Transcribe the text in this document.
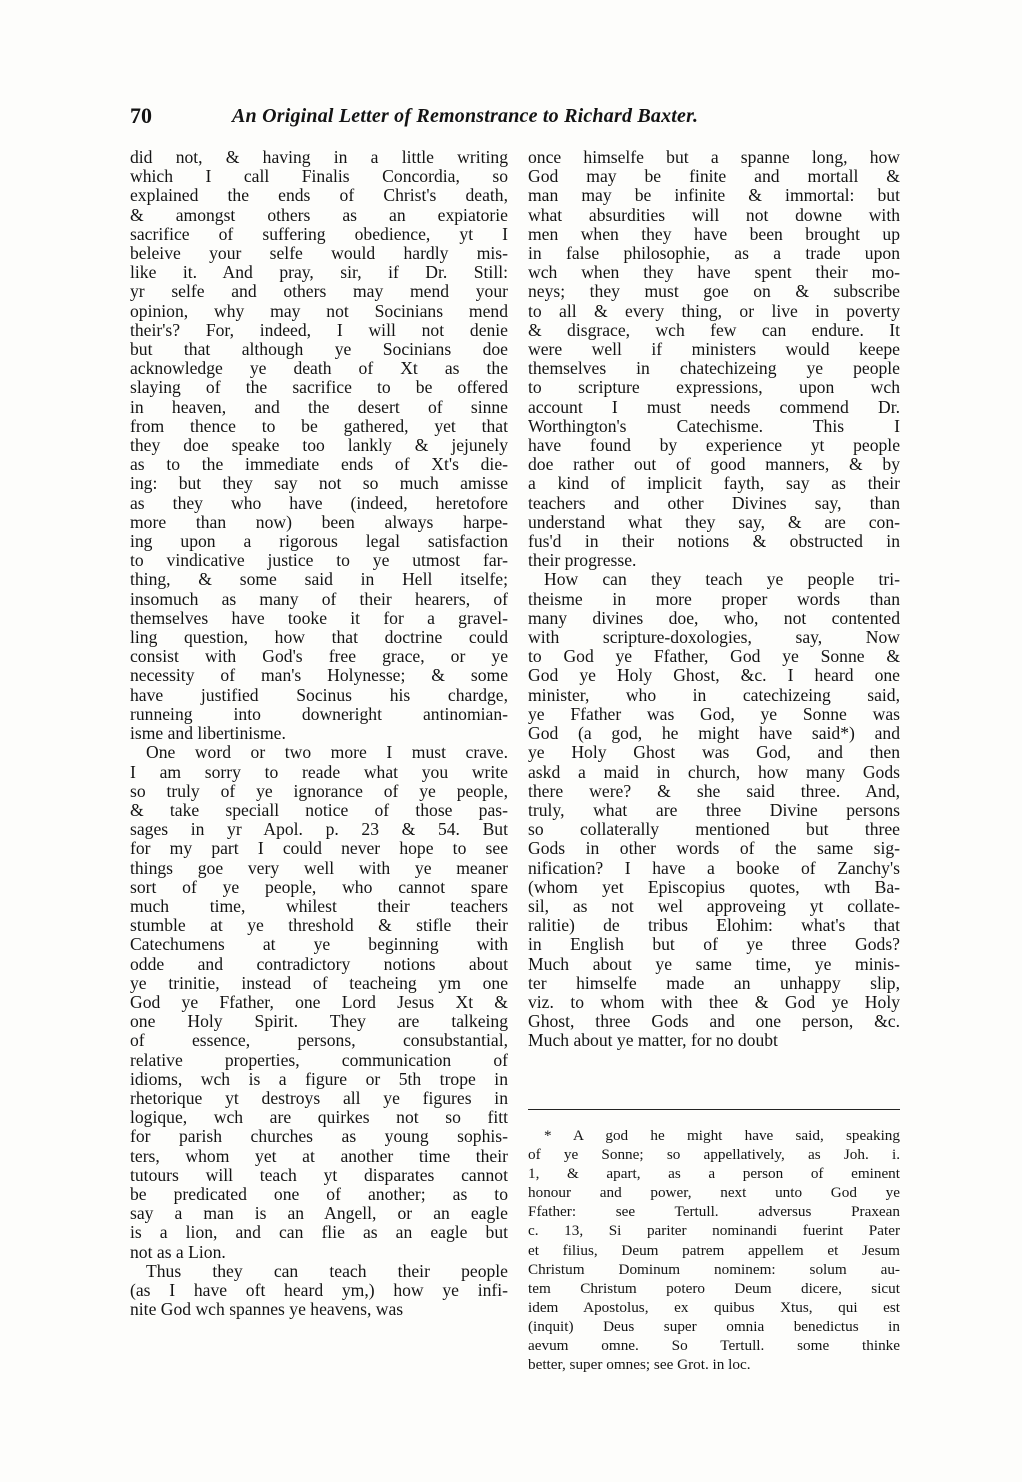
70	An Original Letter of Remonstrance to Richard Baxter.
did not, & having in a little writing
which I call Finalis Concordia, so
explained the ends of Christ's death,
& amongst others as an expiatorie
sacrifice of suffering obedience, yt I
beleive your selfe would hardly mis-
like it. And pray, sir, if Dr. Still:
yr selfe and others may mend your
opinion, why may not Socinians mend
their's? For, indeed, I will not denie
but that although ye Socinians doe
acknowledge ye death of Xt as the
slaying of the sacrifice to be offered
in heaven, and the desert of sinne
from thence to be gathered, yet that
they doe speake too lankly & jejunely
as to the immediate ends of Xt's die-
ing: but they say not so much amisse
as they who have (indeed, heretofore
more than now) been always harpe-
ing upon a rigorous legal satisfaction
to vindicative justice to ye utmost far-
thing, & some said in Hell itselfe;
insomuch as many of their hearers, of
themselves have tooke it for a gravel-
ling question, how that doctrine could
consist with God's free grace, or ye
necessity of man's Holynesse; & some
have justified Socinus his chardge,
runneing into downeright antinomian-
isme and libertinisme.
One word or two more I must crave.
I am sorry to reade what you write
so truly of ye ignorance of ye people,
& take speciall notice of those pas-
sages in yr Apol. p. 23 & 54. But
for my part I could never hope to see
things goe very well with ye meaner
sort of ye people, who cannot spare
much time, whilest their teachers
stumble at ye threshold & stifle their
Catechumens at ye beginning with
odde and contradictory notions about
ye trinitie, instead of teacheing ym one
God ye Ffather, one Lord Jesus Xt &
one Holy Spirit. They are talkeing
of essence, persons, consubstantial,
relative properties, communication of
idioms, wch is a figure or 5th trope in
rhetorique yt destroys all ye figures in
logique, wch are quirkes not so fitt
for parish churches as young sophis-
ters, whom yet at another time their
tutours will teach yt disparates cannot
be predicated one of another; as to
say a man is an Angell, or an eagle
is a lion, and can flie as an eagle but
not as a Lion.
Thus they can teach their people
(as I have oft heard ym,) how ye infi-
nite God wch spannes ye heavens, was
once himselfe but a spanne long, how
God may be finite and mortall &
man may be infinite & immortal: but
what absurdities will not downe with
men when they have been brought up
in false philosophie, as a trade upon
wch when they have spent their mo-
neys; they must goe on & subscribe
to all & every thing, or live in poverty
& disgrace, wch few can endure. It
were well if ministers would keepe
themselves in chatechizeing ye people
to scripture expressions, upon wch
account I must needs commend Dr.
Worthington's Catechisme. This I
have found by experience yt people
doe rather out of good manners, & by
a kind of implicit fayth, say as their
teachers and other Divines say, than
understand what they say, & are con-
fus'd in their notions & obstructed in
their progresse.
How can they teach ye people tri-
theisme in more proper words than
many divines doe, who, not contented
with scripture-doxologies, say, Now
to God ye Ffather, God ye Sonne &
God ye Holy Ghost, &c. I heard one
minister, who in catechizeing said,
ye Ffather was God, ye Sonne was
God (a god, he might have said*) and
ye Holy Ghost was God, and then
askd a maid in church, how many Gods
there were? & she said three. And,
truly, what are three Divine persons
so collaterally mentioned but three
Gods in other words of the same sig-
nification? I have a booke of Zanchy's
(whom yet Episcopius quotes, wth Ba-
sil, as not wel approveing yt collate-
ralitie) de tribus Elohim: what's that
in English but of ye three Gods?
Much about ye same time, ye minis-
ter himselfe made an unhappy slip,
viz. to whom with thee & God ye Holy
Ghost, three Gods and one person, &c.
Much about ye matter, for no doubt
* A god he might have said, speaking
of ye Sonne; so appellatively, as Joh. i.
1, & apart, as a person of eminent
honour and power, next unto God ye
Ffather: see Tertull. adversus Praxean
c. 13, Si pariter nominandi fuerint Pater
et filius, Deum patrem appellem et Jesum
Christum Dominum nominem: solum au-
tem Christum potero Deum dicere, sicut
idem Apostolus, ex quibus Xtus, qui est
(inquit) Deus super omnia benedictus in
aevum omne. So Tertull. some thinke
better, super omnes; see Grot. in loc.
